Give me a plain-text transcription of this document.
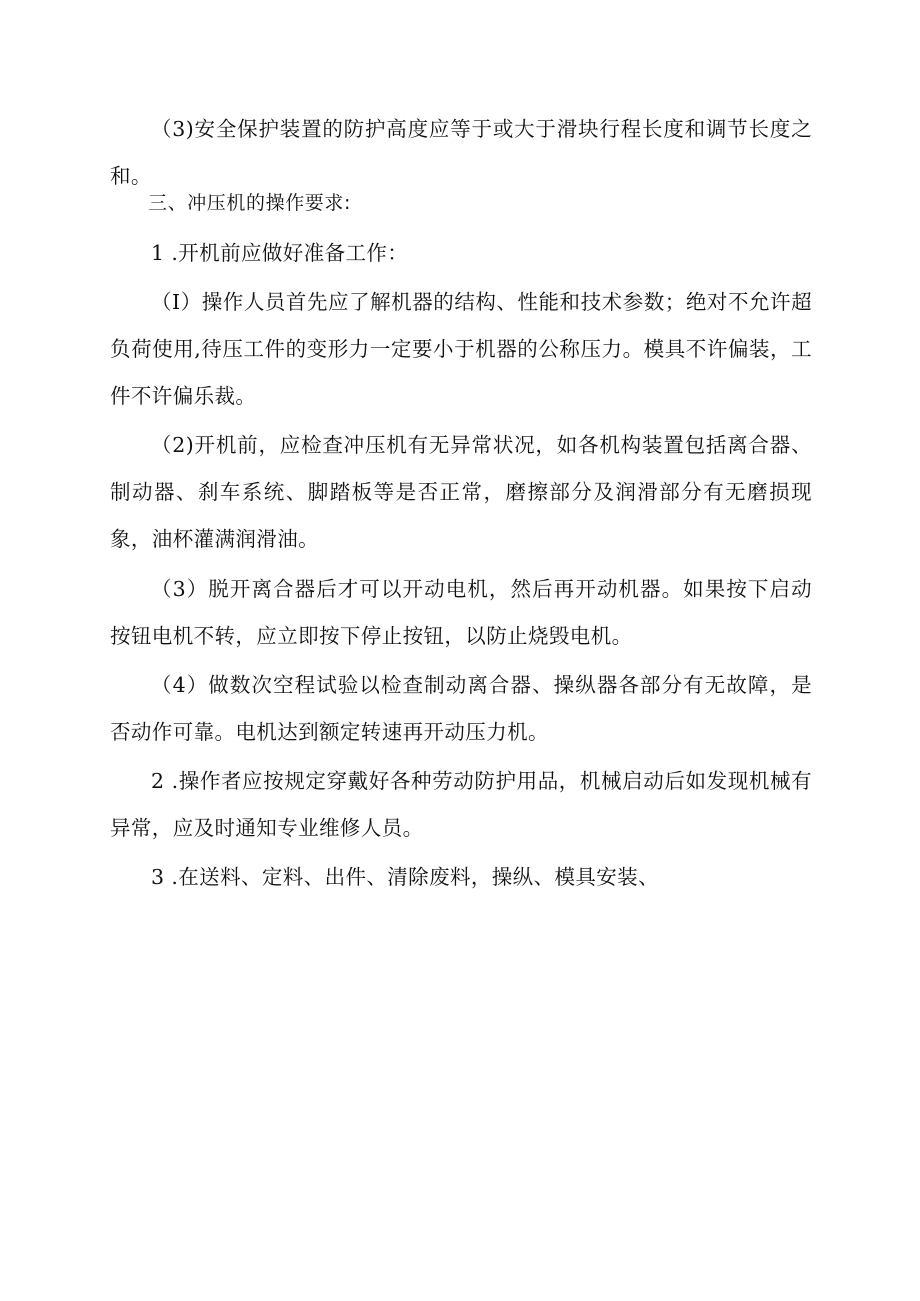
（3)安全保护装置的防护高度应等于或大于滑块行程长度和调节长度之和。

三、冲压机的操作要求:

1 .开机前应做好准备工作：

（I）操作人员首先应了解机器的结构、性能和技术参数；绝对不允许超负荷使用,待压工件的变形力一定要小于机器的公称压力。模具不许偏装，工件不许偏乐裁。

（2)开机前，应检查冲压机有无异常状况，如各机构装置包括离合器、制动器、刹车系统、脚踏板等是否正常，磨擦部分及润滑部分有无磨损现象，油杯灌满润滑油。

（3）脱开离合器后才可以开动电机，然后再开动机器。如果按下启动按钮电机不转，应立即按下停止按钮，以防止烧毁电机。

（4）做数次空程试验以检查制动离合器、操纵器各部分有无故障，是否动作可靠。电机达到额定转速再开动压力机。

2 .操作者应按规定穿戴好各种劳动防护用品，机械启动后如发现机械有异常，应及时通知专业维修人员。

3 .在送料、定料、出件、清除废料，操纵、模具安装、
